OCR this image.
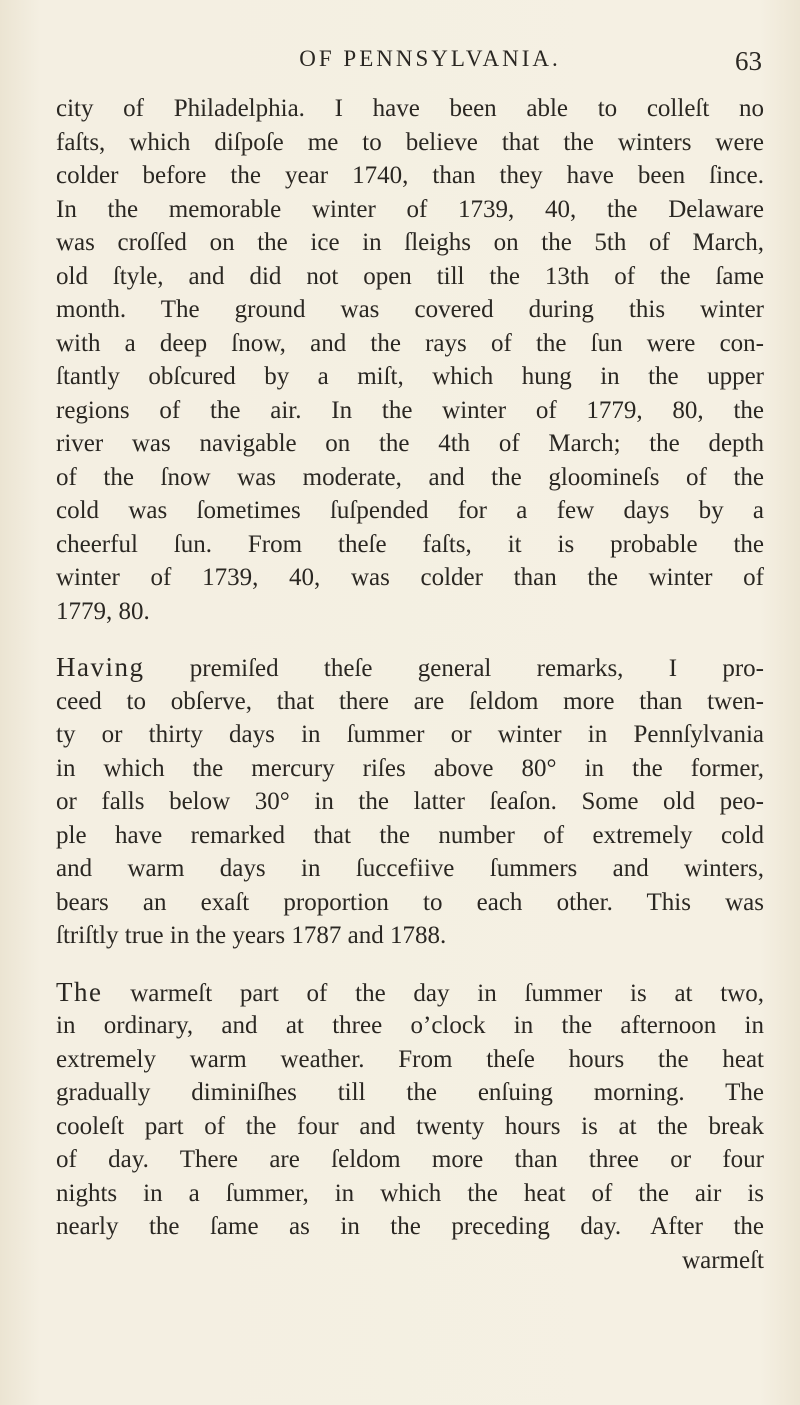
OF PENNSYLVANIA.	63
city of Philadelphia. I have been able to colleſt no
faſts, which diſpoſe me to believe that the winters were
colder before the year 1740, than they have been ſince.
In the memorable winter of 1739, 40, the Delaware
was croſſed on the ice in ſleighs on the 5th of March,
old ſtyle, and did not open till the 13th of the ſame
month. The ground was covered during this winter
with a deep ſnow, and the rays of the ſun were con-
ſtantly obſcured by a miſt, which hung in the upper
regions of the air. In the winter of 1779, 80, the
river was navigable on the 4th of March; the depth
of the ſnow was moderate, and the gloomineſs of the
cold was ſometimes ſuſpended for a few days by a
cheerful ſun. From theſe faſts, it is probable the
winter of 1739, 40, was colder than the winter of
1779, 80.
Having premiſed theſe general remarks, I pro-
ceed to obſerve, that there are ſeldom more than twen-
ty or thirty days in ſummer or winter in Pennſylvania
in which the mercury riſes above 80° in the former,
or falls below 30° in the latter ſeaſon. Some old peo-
ple have remarked that the number of extremely cold
and warm days in ſuccefiive ſummers and winters,
bears an exaſt proportion to each other. This was
ſtriſtly true in the years 1787 and 1788.
The warmeſt part of the day in ſummer is at two,
in ordinary, and at three o’clock in the afternoon in
extremely warm weather. From theſe hours the heat
gradually diminiſhes till the enſuing morning. The
cooleſt part of the four and twenty hours is at the break
of day. There are ſeldom more than three or four
nights in a ſummer, in which the heat of the air is
nearly the ſame as in the preceding day. After the
warmeſt
